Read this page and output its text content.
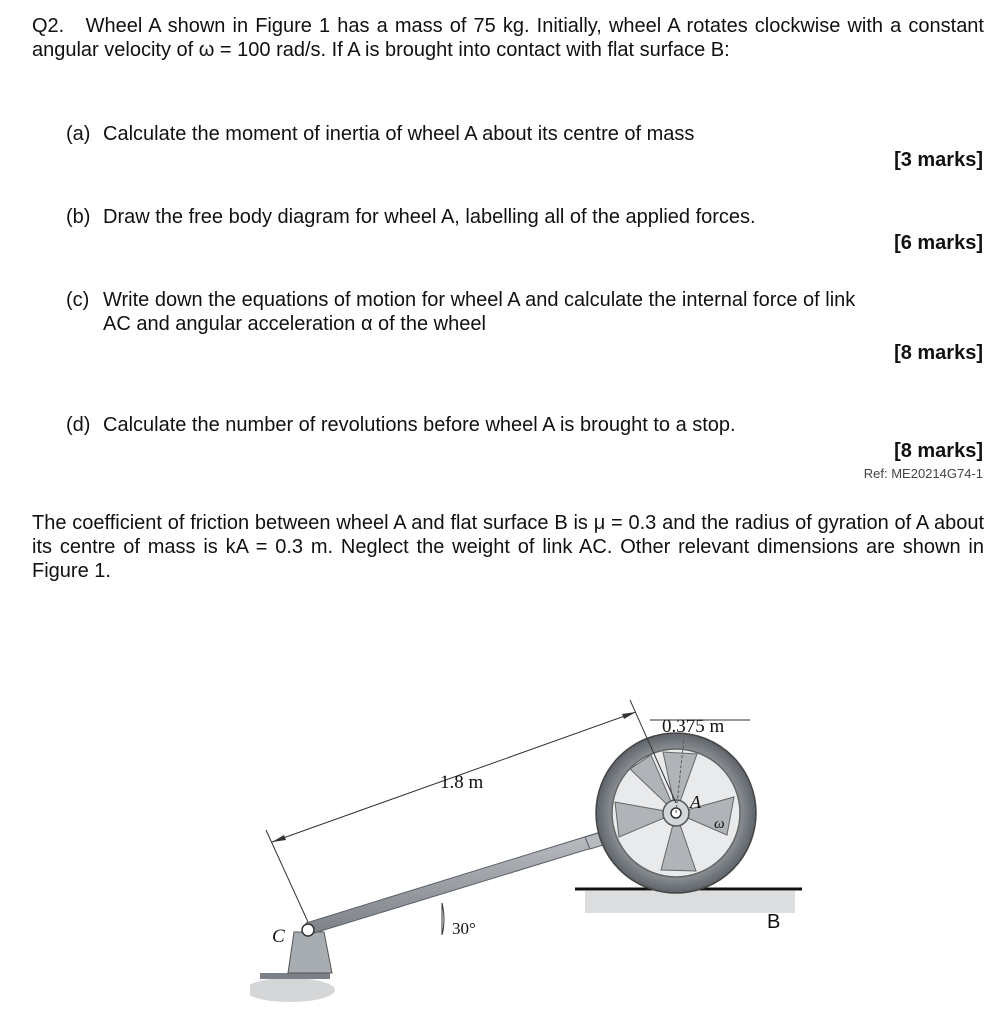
Q2. Wheel A shown in Figure 1 has a mass of 75 kg. Initially, wheel A rotates clockwise with a constant angular velocity of ω = 100 rad/s. If A is brought into contact with flat surface B:

(a) Calculate the moment of inertia of wheel A about its centre of mass

[3 marks]

(b) Draw the free body diagram for wheel A, labelling all of the applied forces.

[6 marks]

(c) Write down the equations of motion for wheel A and calculate the internal force of link
AC and angular acceleration α of the wheel

[8 marks]

(d) Calculate the number of revolutions before wheel A is brought to a stop.

[8 marks]
Ref: ME20214G74-1

The coefficient of friction between wheel A and flat surface B is μ = 0.3 and the radius of gyration of A about its centre of mass is kA = 0.3 m. Neglect the weight of link AC. Other relevant dimensions are shown in Figure 1.

0.375 m
1.8 m
30°
C
A
ω
B
